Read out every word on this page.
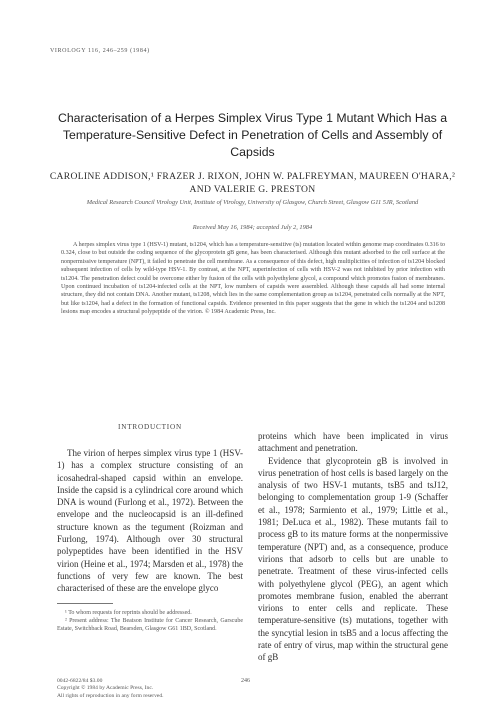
VIROLOGY 116, 246–259 (1984)
Characterisation of a Herpes Simplex Virus Type 1 Mutant Which Has a Temperature-Sensitive Defect in Penetration of Cells and Assembly of Capsids
CAROLINE ADDISON,¹ FRAZER J. RIXON, JOHN W. PALFREYMAN, MAUREEN O'HARA,² AND VALERIE G. PRESTON
Medical Research Council Virology Unit, Institute of Virology, University of Glasgow, Church Street, Glasgow G11 5JR, Scotland
Received May 16, 1984; accepted July 2, 1984
A herpes simplex virus type 1 (HSV-1) mutant, ts1204, which has a temperature-sensitive (ts) mutation located within genome map coordinates 0.316 to 0.324, close to but outside the coding sequence of the glycoprotein gB gene, has been characterised. Although this mutant adsorbed to the cell surface at the nonpermissive temperature (NPT), it failed to penetrate the cell membrane. As a consequence of this defect, high multiplicities of infection of ts1204 blocked subsequent infection of cells by wild-type HSV-1. By contrast, at the NPT, superinfection of cells with HSV-2 was not inhibited by prior infection with ts1204. The penetration defect could be overcome either by fusion of the cells with polyethylene glycol, a compound which promotes fusion of membranes. Upon continued incubation of ts1204-infected cells at the NPT, low numbers of capsids were assembled. Although these capsids all had some internal structure, they did not contain DNA. Another mutant, ts1208, which lies in the same complementation group as ts1204, penetrated cells normally at the NPT, but like ts1204, had a defect in the formation of functional capsids. Evidence presented in this paper suggests that the gene in which the ts1204 and ts1208 lesions map encodes a structural polypeptide of the virion. © 1984 Academic Press, Inc.
INTRODUCTION

The virion of herpes simplex virus type 1 (HSV-1) has a complex structure consisting of an icosahedral-shaped capsid within an envelope. Inside the capsid is a cylindrical core around which DNA is wound (Furlong et al., 1972). Between the envelope and the nucleocapsid is an ill-defined structure known as the tegument (Roizman and Furlong, 1974). Although over 30 structural polypeptides have been identified in the HSV virion (Heine et al., 1974; Marsden et al., 1978) the functions of very few are known. The best characterised of these are the envelope glyco

¹ To whom requests for reprints should be addressed.

² Present address: The Beatson Institute for Cancer Research, Garscube Estate, Switchback Road, Bearsden, Glasgow G61 1BD, Scotland.

proteins which have been implicated in virus attachment and penetration.

Evidence that glycoprotein gB is involved in virus penetration of host cells is based largely on the analysis of two HSV-1 mutants, tsB5 and tsJ12, belonging to complementation group 1-9 (Schaffer et al., 1978; Sarmiento et al., 1979; Little et al., 1981; DeLuca et al., 1982). These mutants fail to process gB to its mature forms at the nonpermissive temperature (NPT) and, as a consequence, produce virions that adsorb to cells but are unable to penetrate. Treatment of these virus-infected cells with polyethylene glycol (PEG), an agent which promotes membrane fusion, enabled the aberrant virions to enter cells and replicate. These temperature-sensitive (ts) mutations, together with the syncytial lesion in tsB5 and a locus affecting the rate of entry of virus, map within the structural gene of gB

0042-6822/84 $3.00
Copyright © 1984 by Academic Press, Inc.
All rights of reproduction in any form reserved.
246
